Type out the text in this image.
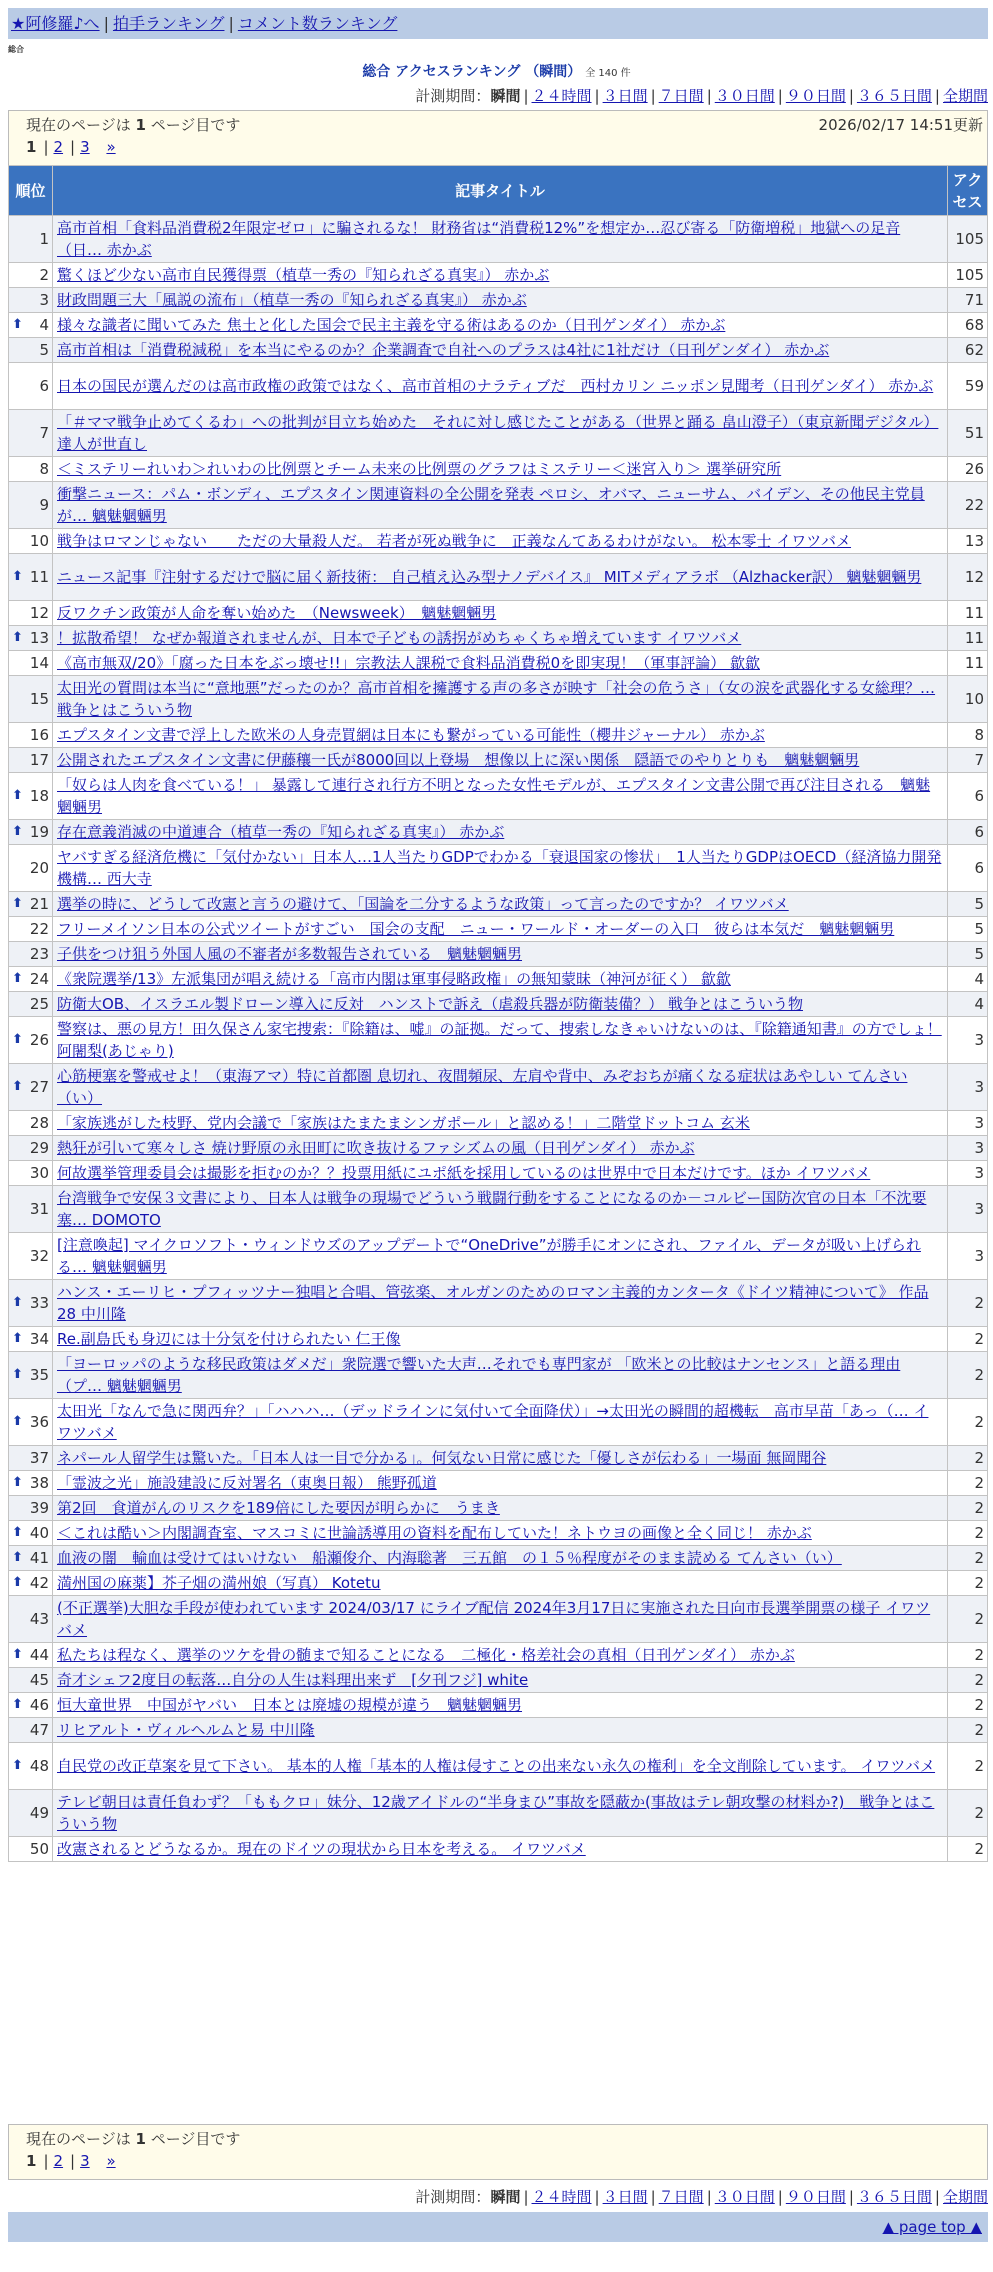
★阿修羅♪へ | 拍手ランキング | コメント数ランキング
総合
総合 アクセスランキング （瞬間） 全 140 件
計測期間：瞬間 | ２４時間 | ３日間 | ７日間 | ３０日間 | ９０日間 | ３６５日間 | 全期間
現在のページは 1 ページ目です	2026/02/17 14:51更新
1 | 2 | 3 »
順位	記事タイトル	アクセス
1	高市首相「食料品消費税2年限定ゼロ」に騙されるな！ 財務省は“消費税12%”を想定か…忍び寄る「防衛増税」地獄への足音（日… 赤かぶ	105
2	驚くほど少ない高市自民獲得票（植草一秀の『知られざる真実』） 赤かぶ	105
3	財政問題三大「風説の流布」（植草一秀の『知られざる真実』） 赤かぶ	71

⬆ 4	様々な識者に聞いてみた 焦土と化した国会で民主主義を守る術はあるのか（日刊ゲンダイ） 赤かぶ	68
5	高市首相は「消費税減税」を本当にやるのか？企業調査で自社へのプラスは4社に1社だけ（日刊ゲンダイ） 赤かぶ	62
6	日本の国民が選んだのは高市政権の政策ではなく、高市首相のナラティブだ　西村カリン ニッポン見聞考（日刊ゲンダイ） 赤かぶ	59
7	「＃ママ戦争止めてくるわ」への批判が目立ち始めた　それに対し感じたことがある（世界と踊る 畠山澄子）（東京新聞デジタル） 達人が世直し	51
8	＜ミステリーれいわ＞れいわの比例票とチーム未来の比例票のグラフはミステリー＜迷宮入り＞ 選挙研究所	26
9	衝撃ニュース：パム・ボンディ、エプスタイン関連資料の全公開を発表 ペロシ、オバマ、ニューサム、バイデン、その他民主党員が… 魑魅魍魎男	22
10	戦争はロマンじゃない　　ただの大量殺人だ。 若者が死ぬ戦争に　正義なんてあるわけがない。 松本零士 イワツバメ	13

⬆ 11	ニュース記事『注射するだけで脳に届く新技術： 自己植え込み型ナノデバイス』 MITメディアラボ （Alzhacker訳） 魑魅魍魎男	12
12	反ワクチン政策が人命を奪い始めた　（Newsweek）　魑魅魍魎男	11

⬆ 13	！拡散希望！ なぜか報道されませんが、日本で子どもの誘拐がめちゃくちゃ増えています イワツバメ	11
14	《高市無双/20》「腐った日本をぶっ壊せ!!」宗教法人課税で食料品消費税0を即実現！（軍事評論） 歙歙	11
15	太田光の質問は本当に“意地悪”だったのか？高市首相を擁護する声の多さが映す「社会の危うさ」（女の涙を武器化する女総理？… 戦争とはこういう物	10
16	エプスタイン文書で浮上した欧米の人身売買網は日本にも繋がっている可能性（櫻井ジャーナル） 赤かぶ	8
17	公開されたエプスタイン文書に伊藤穰一氏が8000回以上登場　想像以上に深い関係　隠語でのやりとりも　魑魅魍魎男	7

⬆ 18	「奴らは人肉を食べている！」 暴露して連行され行方不明となった女性モデルが、エプスタイン文書公開で再び注目される　魑魅魍魎男	6

⬆ 19	存在意義消滅の中道連合（植草一秀の『知られざる真実』） 赤かぶ	6
20	ヤバすぎる経済危機に「気付かない」日本人…1人当たりGDPでわかる「衰退国家の惨状」　1人当たりGDPはOECD（経済協力開発機構… 西大寺	6

⬆ 21	選挙の時に、どうして改憲と言うの避けて、「国論を二分するような政策」って言ったのですか？ イワツバメ	5
22	フリーメイソン日本の公式ツイートがすごい　国会の支配　ニュー・ワールド・オーダーの入口　彼らは本気だ　魑魅魍魎男	5
23	子供をつけ狙う外国人風の不審者が多数報告されている　魑魅魍魎男	5

⬆ 24	《衆院選挙/13》左派集団が唱え続ける「高市内閣は軍事侵略政権」の無知蒙昧（神河が征く） 歙歙	4
25	防衛大OB、イスラエル製ドローン導入に反対　ハンストで訴え（虐殺兵器が防衛装備？） 戦争とはこういう物	4

⬆ 26	警察は、悪の見方！田久保さん家宅捜索：『除籍は、嘘』の証拠。だって、捜索しなきゃいけないのは、『除籍通知書』の方でしょ！ 阿闍梨(あじゃり)	3

⬆ 27	心筋梗塞を警戒せよ！（東海アマ）特に首都圏 息切れ、夜間頻尿、左肩や背中、みぞおちが痛くなる症状はあやしい てんさい（い）	3
28	「家族逃がした枝野、党内会議で「家族はたまたまシンガポール」と認める！」二階堂ドットコム 玄米	3
29	熱狂が引いて寒々しさ 焼け野原の永田町に吹き抜けるファシズムの風（日刊ゲンダイ） 赤かぶ	3
30	何故選挙管理委員会は撮影を拒むのか？？投票用紙にユポ紙を採用しているのは世界中で日本だけです。ほか イワツバメ	3
31	台湾戦争で安保３文書により、日本人は戦争の現場でどういう戦闘行動をすることになるのか－コルビー国防次官の日本「不沈要塞… DOMOTO	3
32	[注意喚起] マイクロソフト・ウィンドウズのアップデートで“OneDrive”が勝手にオンにされ、ファイル、データが吸い上げられる… 魑魅魍魎男	3

⬆ 33	ハンス・エーリヒ・プフィッツナー独唱と合唱、管弦楽、オルガンのためのロマン主義的カンタータ《ドイツ精神について》 作品28 中川隆	2

⬆ 34	Re.副島氏も身辺には十分気を付けられたい 仁王像	2

⬆ 35	「ヨーロッパのような移民政策はダメだ」衆院選で響いた大声…それでも専門家が 「欧米との比較はナンセンス」と語る理由（プ… 魑魅魍魎男	2

⬆ 36	太田光「なんで急に関西弁？」「ハハハ…（デッドラインに気付いて全面降伏）」→太田光の瞬間的超機転　高市早苗「あっ（… イワツバメ	2
37	ネパール人留学生は驚いた。「日本人は一目で分かる」。何気ない日常に感じた「優しさが伝わる」一場面 無岡聞谷	2

⬆ 38	「霊波之光」施設建設に反対署名（東奥日報） 熊野孤道	2
39	第2回　食道がんのリスクを189倍にした要因が明らかに　うまき	2

⬆ 40	＜これは酷い＞内閣調査室、マスコミに世論誘導用の資料を配布していた！ネトウヨの画像と全く同じ！ 赤かぶ	2

⬆ 41	血液の闇　輸血は受けてはいけない　船瀬俊介、内海聡著　三五館　の１５％程度がそのまま読める てんさい（い）	2

⬆ 42	満州国の麻薬】芥子畑の満州娘（写真） Kotetu	2
43	(不正選挙)大胆な手段が使われています 2024/03/17 にライブ配信 2024年3月17日に実施された日向市長選挙開票の様子 イワツバメ	2

⬆ 44	私たちは程なく、選挙のツケを骨の髄まで知ることになる　二極化・格差社会の真相（日刊ゲンダイ） 赤かぶ	2
45	奇才シェフ2度目の転落…自分の人生は料理出来ず　[夕刊フジ] white	2

⬆ 46	恒大童世界　中国がヤバい　日本とは廃墟の規模が違う　魑魅魍魎男	2
47	リヒアルト・ヴィルヘルムと易 中川隆	2

⬆ 48	自民党の改正草案を見て下さい。 基本的人権「基本的人権は侵すことの出来ない永久の権利」を全文削除しています。 イワツバメ	2
49	テレビ朝日は責任負わず？「ももクロ」妹分、12歳アイドルの“半身まひ”事故を隠蔽か(事故はテレ朝攻撃の材料か?)　戦争とはこういう物	2
50	改憲されるとどうなるか。現在のドイツの現状から日本を考える。 イワツバメ	2
現在のページは 1 ページ目です
1 | 2 | 3 »
計測期間：瞬間 | ２４時間 | ３日間 | ７日間 | ３０日間 | ９０日間 | ３６５日間 | 全期間
▲ page top ▲
